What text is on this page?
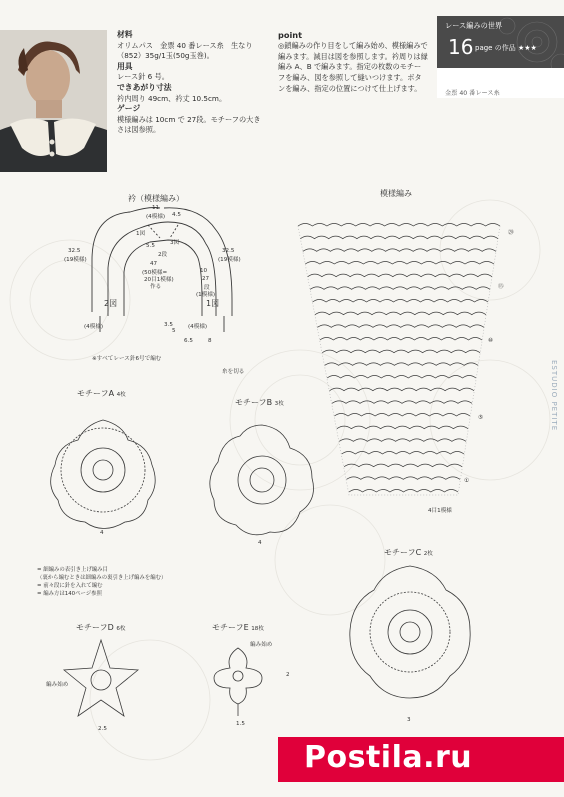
材料
オリムパス　金票 40 番レース糸　生なり（852）35g/1玉(50g玉巻)。
用具
レース針 6 号。
できあがり寸法
衿内周り 49cm、衿丈 10.5cm。
ゲージ
模様編みは 10cm で 27段。モチーフの大きさは図参照。
point
◎鎖編みの作り目をして編み始め、模様編みで編みます。減目は図を参照します。衿周りは縁編み A、B で編みます。指定の枚数のモチーフを編み、図を参照して縫いつけます。ボタンを編み、指定の位置につけて仕上げます。
レース編みの世界
16 page の作品 ★★★
金票 40 番レース糸
衿（模様編み）
11
(4模様) 4.5
1図
5.5	3図
2段
32.5
(19模様)
32.5
(19模様)
47
(50模様=
20目1模様)
作る
10
27
段
(1模様)
2図	1図
(4模様)	(4模様)
3.5
5
6.5	8
※すべてレース針6号で編む
糸を切る
模様編み
4目1模様
⑳
⑮
⑩
⑤
①
モチーフA 4枚
4
モチーフB 3枚
4
モチーフC 2枚
3
モチーフD 6枚
2.5
編み始め
モチーフE 18枚
1.5
2
編み始め
= 細編みの表引き上げ編み目
（裏から編むときは細編みの裏引き上げ編みを編む）
= 前々段に針を入れて編む
= 編み方は140ページ参照
ESTUDIO PETITE
Postila.ru
